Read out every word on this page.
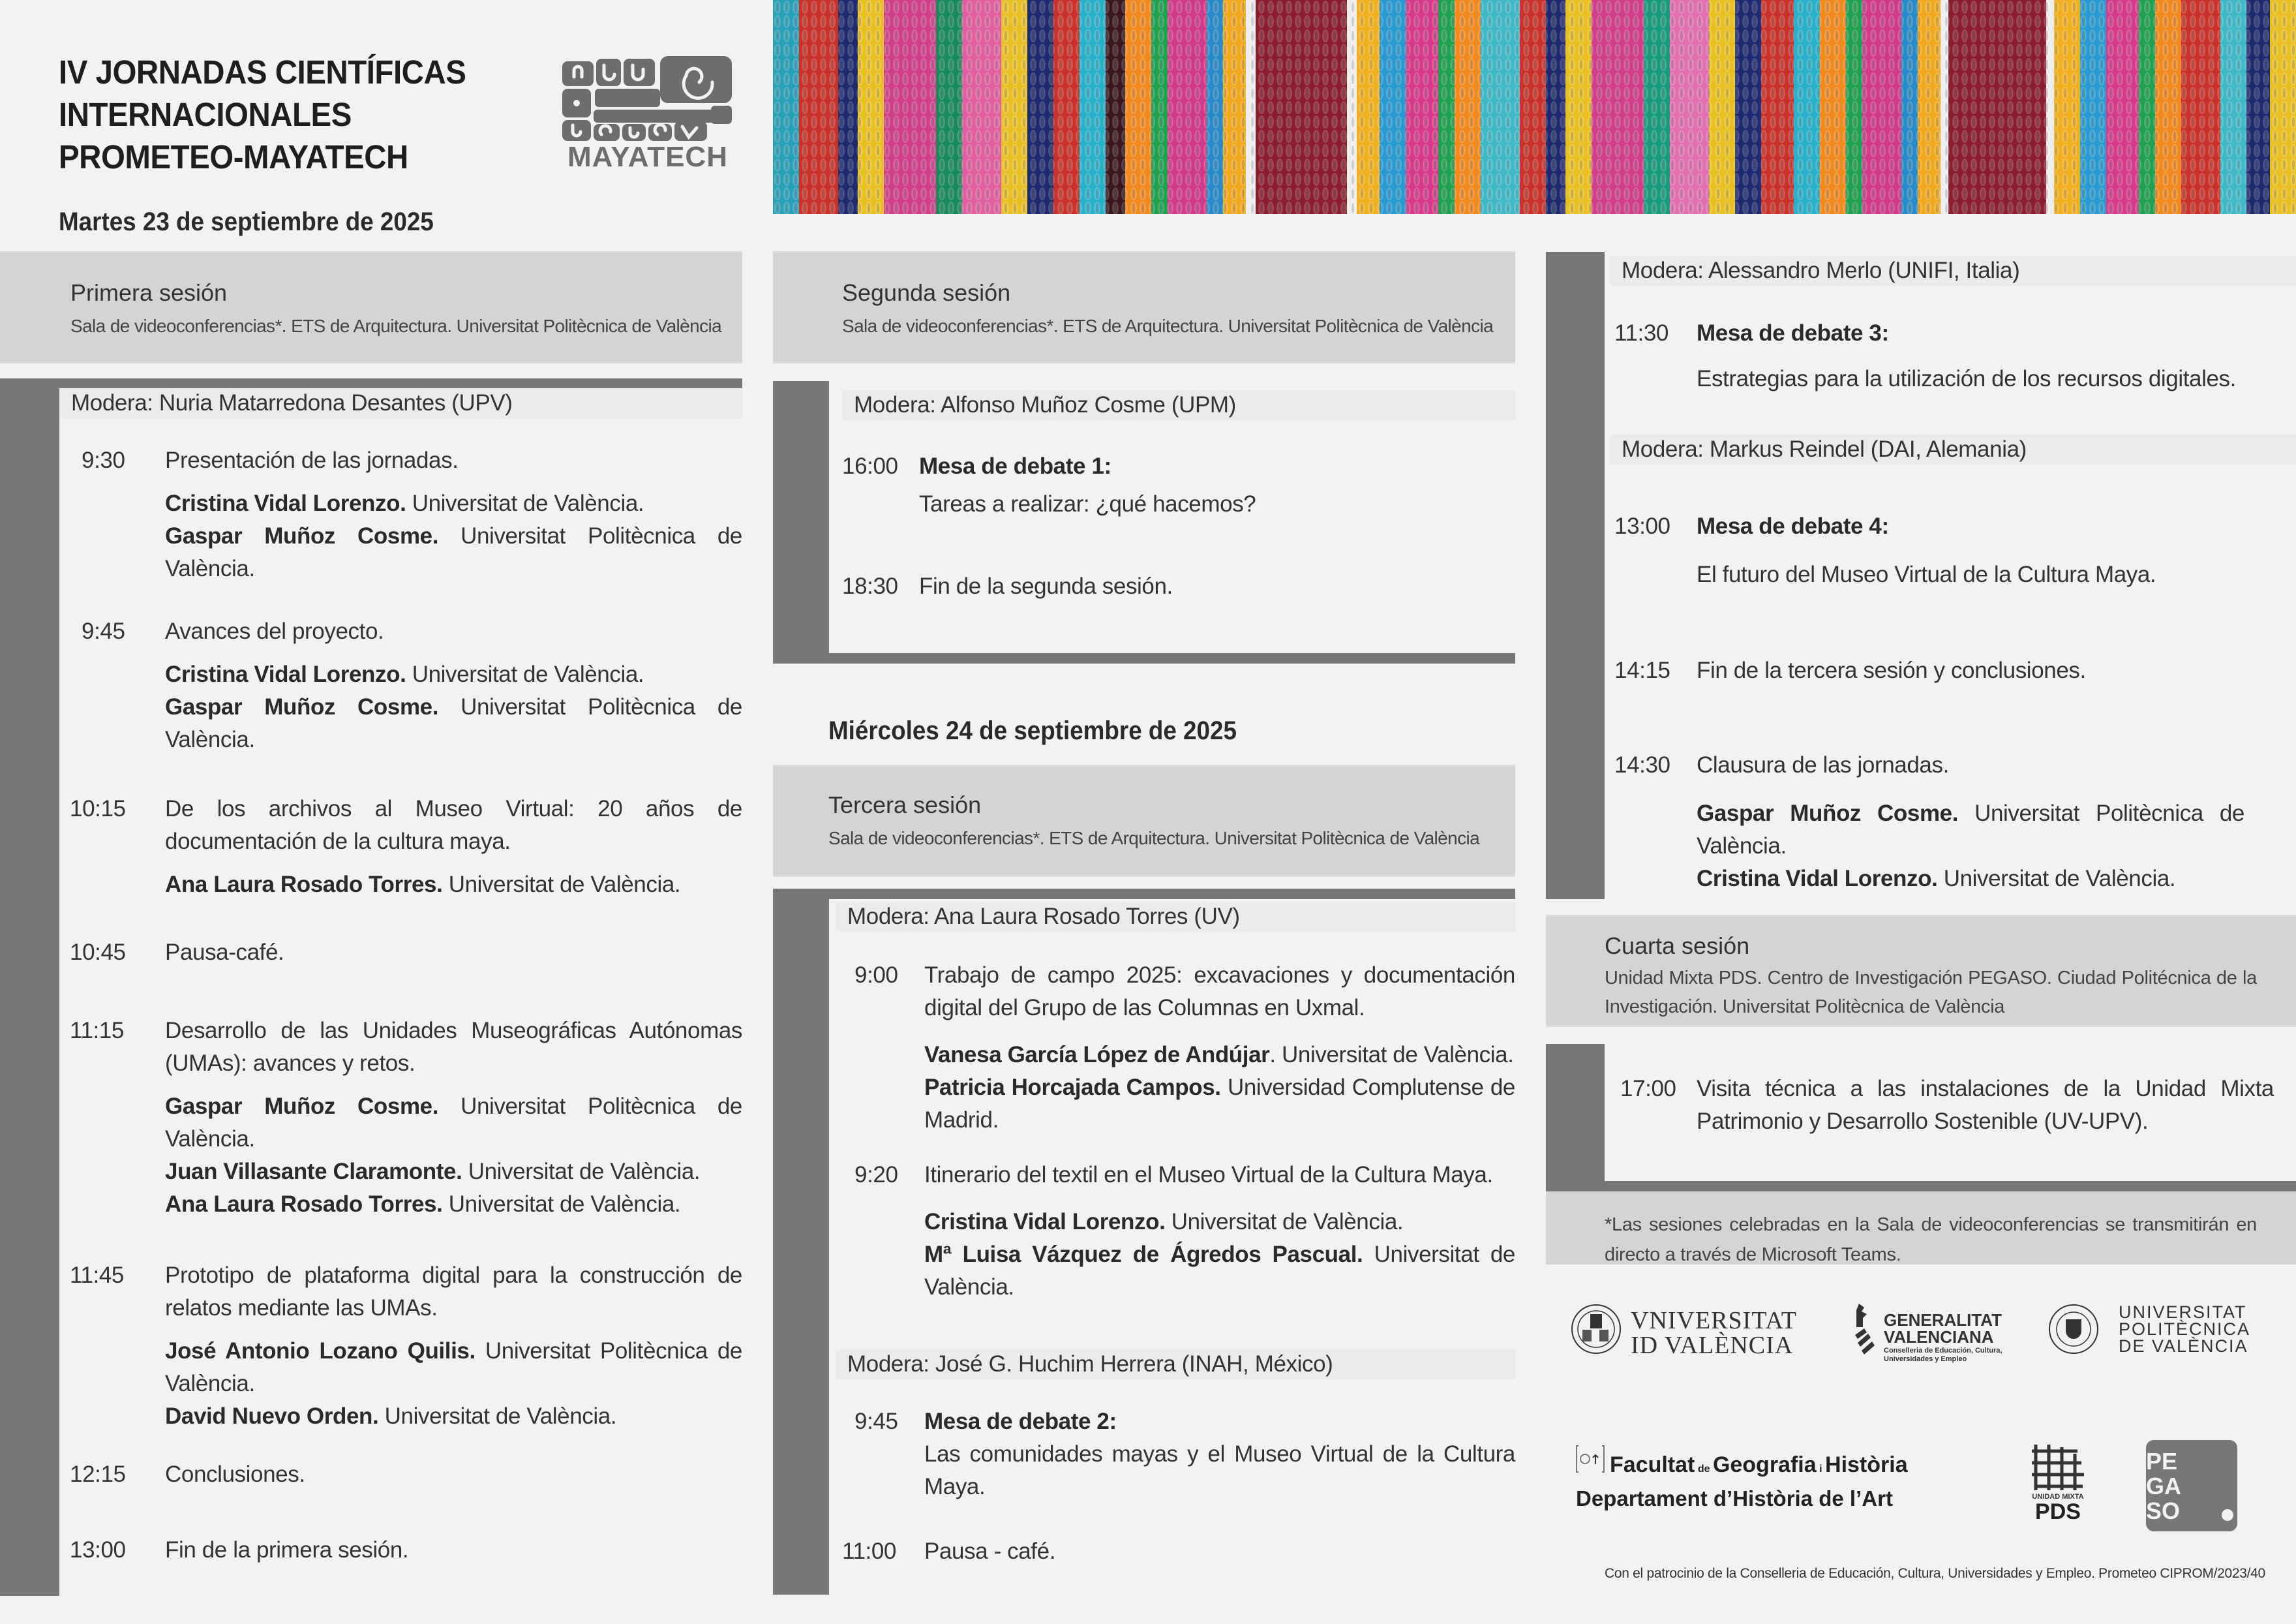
IV JORNADAS CIENTÍFICAS
INTERNACIONALES
PROMETEO-MAYATECH	MAYATECH
Martes 23 de septiembre de 2025
Primera sesión
Sala de videoconferencias*. ETS de Arquitectura. Universitat Politècnica de València
Modera: Nuria Matarredona Desantes (UPV)
9:30 Presentación de las jornadas.
Cristina Vidal Lorenzo. Universitat de València.
Gaspar Muñoz Cosme. Universitat Politècnica de València.
9:45 Avances del proyecto.
Cristina Vidal Lorenzo. Universitat de València.
Gaspar Muñoz Cosme. Universitat Politècnica de València.
10:15 De los archivos al Museo Virtual: 20 años de documentación de la cultura maya.
Ana Laura Rosado Torres. Universitat de València.
10:45 Pausa-café.
11:15 Desarrollo de las Unidades Museográficas Autónomas (UMAs): avances y retos.
Gaspar Muñoz Cosme. Universitat Politècnica de València.
Juan Villasante Claramonte. Universitat de València.
Ana Laura Rosado Torres. Universitat de València.
11:45 Prototipo de plataforma digital para la construcción de relatos mediante las UMAs.
José Antonio Lozano Quilis. Universitat Politècnica de València.
David Nuevo Orden. Universitat de València.
12:15 Conclusiones.
13:00 Fin de la primera sesión.
Segunda sesión
Sala de videoconferencias*. ETS de Arquitectura. Universitat Politècnica de València
Modera: Alfonso Muñoz Cosme (UPM)
16:00 Mesa de debate 1:
Tareas a realizar: ¿qué hacemos?
18:30 Fin de la segunda sesión.
Miércoles 24 de septiembre de 2025
Tercera sesión
Sala de videoconferencias*. ETS de Arquitectura. Universitat Politècnica de València
Modera: Ana Laura Rosado Torres (UV)
9:00 Trabajo de campo 2025: excavaciones y documentación digital del Grupo de las Columnas en Uxmal.
Vanesa García López de Andújar. Universitat de València.
Patricia Horcajada Campos. Universidad Complutense de Madrid.
9:20 Itinerario del textil en el Museo Virtual de la Cultura Maya.
Cristina Vidal Lorenzo. Universitat de València.
Mª Luisa Vázquez de Ágredos Pascual. Universitat de València.
Modera: José G. Huchim Herrera (INAH, México)
9:45 Mesa de debate 2:
Las comunidades mayas y el Museo Virtual de la Cultura Maya.
11:00 Pausa - café.
Modera: Alessandro Merlo (UNIFI, Italia)
11:30 Mesa de debate 3:
Estrategias para la utilización de los recursos digitales.
Modera: Markus Reindel (DAI, Alemania)
13:00 Mesa de debate 4:
El futuro del Museo Virtual de la Cultura Maya.
14:15 Fin de la tercera sesión y conclusiones.
14:30 Clausura de las jornadas.
Gaspar Muñoz Cosme. Universitat Politècnica de València.
Cristina Vidal Lorenzo. Universitat de València.
Cuarta sesión
Unidad Mixta PDS. Centro de Investigación PEGASO. Ciudad Politécnica de la Investigación. Universitat Politècnica de València
17:00 Visita técnica a las instalaciones de la Unidad Mixta Patrimonio y Desarrollo Sostenible (UV-UPV).
*Las sesiones celebradas en la Sala de videoconferencias se transmitirán en directo a través de Microsoft Teams.
VNIVERSITAT
ID VALÈNCIA
GENERALITAT
VALENCIANA
Conselleria de Educación, Cultura, Universidades y Empleo
UNIVERSITAT
POLITÈCNICA
DE VALÈNCIA
Facultat de Geografia i Història
Departament d’Història de l’Art	UNIDAD MIXTA
PDS
PE
GA
SO
Con el patrocinio de la Conselleria de Educación, Cultura, Universidades y Empleo. Prometeo CIPROM/2023/40
